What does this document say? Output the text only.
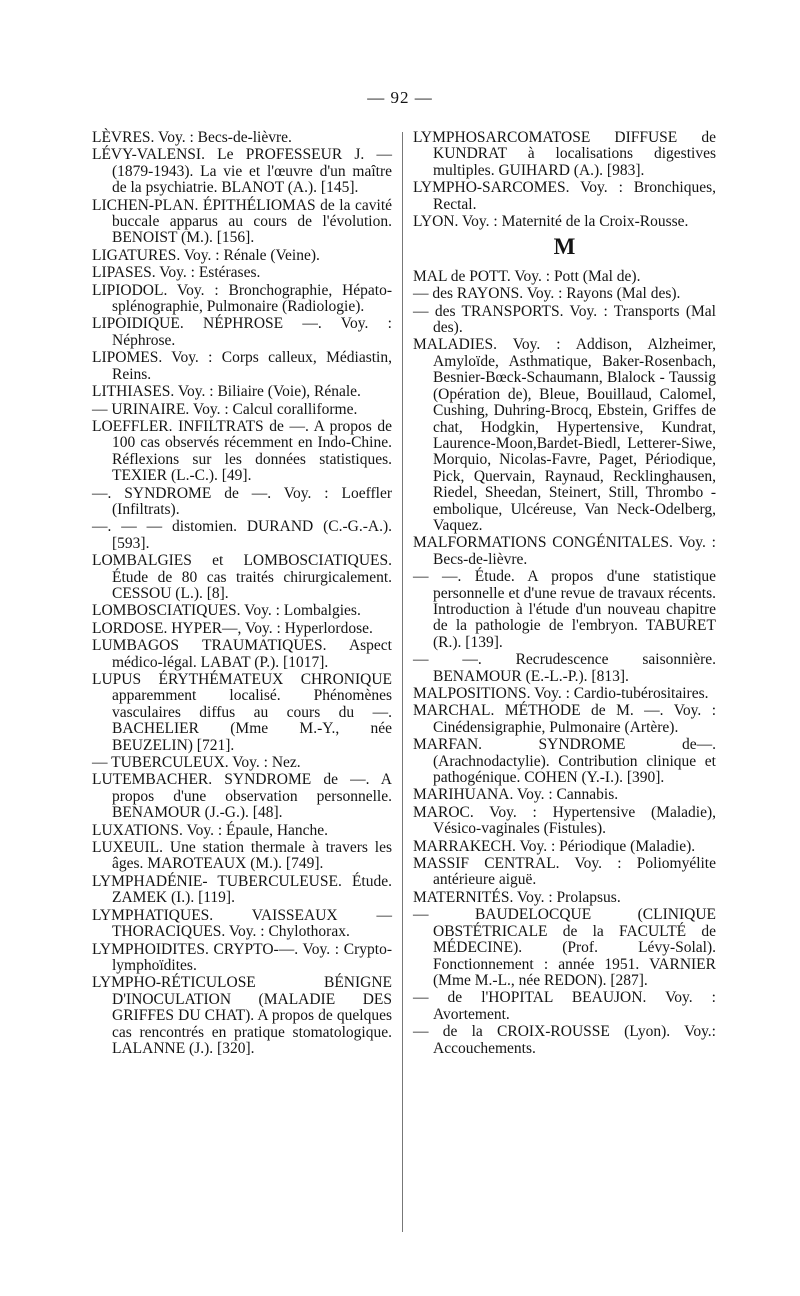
— 92 —
LÈVRES. Voy. : Becs-de-lièvre.
LÉVY-VALENSI. Le PROFESSEUR J. — (1879-1943). La vie et l'œuvre d'un maître de la psychiatrie. BLANOT (A.). [145].
LICHEN-PLAN. ÉPITHÉLIOMAS de la cavité buccale apparus au cours de l'évolution. BENOIST (M.). [156].
LIGATURES. Voy. : Rénale (Veine).
LIPASES. Voy. : Estérases.
LIPIODOL. Voy. : Bronchographie, Hépato-splénographie, Pulmonaire (Radiologie).
LIPOIDIQUE. NÉPHROSE —. Voy. : Néphrose.
LIPOMES. Voy. : Corps calleux, Médiastin, Reins.
LITHIASES. Voy. : Biliaire (Voie), Rénale.
— URINAIRE. Voy. : Calcul coralliforme.
LOEFFLER. INFILTRATS de —. A propos de 100 cas observés récemment en Indo-Chine. Réflexions sur les données statistiques. TEXIER (L.-C.). [49].
—. SYNDROME de —. Voy. : Loeffler (Infiltrats).
—. — — distomien. DURAND (C.-G.-A.). [593].
LOMBALGIES et LOMBOSCIATIQUES. Étude de 80 cas traités chirurgicalement. CESSOU (L.). [8].
LOMBOSCIATIQUES. Voy. : Lombalgies.
LORDOSE. HYPER—, Voy. : Hyperlordose.
LUMBAGOS TRAUMATIQUES. Aspect médico-légal. LABAT (P.). [1017].
LUPUS ÉRYTHÉMATEUX CHRONIQUE apparemment localisé. Phénomènes vasculaires diffus au cours du —. BACHELIER (Mme M.-Y., née BEUZELIN) [721].
— TUBERCULEUX. Voy. : Nez.
LUTEMBACHER. SYNDROME de —. A propos d'une observation personnelle. BENAMOUR (J.-G.). [48].
LUXATIONS. Voy. : Épaule, Hanche.
LUXEUIL. Une station thermale à travers les âges. MAROTEAUX (M.). [749].
LYMPHADÉNIE- TUBERCULEUSE. Étude. ZAMEK (I.). [119].
LYMPHATIQUES. VAISSEAUX — THORACIQUES. Voy. : Chylothorax.
LYMPHOIDITES. CRYPTO-—. Voy. : Crypto-lymphoïdites.
LYMPHO-RÉTICULOSE BÉNIGNE D'INOCULATION (MALADIE DES GRIFFES DU CHAT). A propos de quelques cas rencontrés en pratique stomatologique. LALANNE (J.). [320].
LYMPHOSARCOMATOSE DIFFUSE de KUNDRAT à localisations digestives multiples. GUIHARD (A.). [983].
LYMPHO-SARCOMES. Voy. : Bronchiques, Rectal.
LYON. Voy. : Maternité de la Croix-Rousse.
M
MAL de POTT. Voy. : Pott (Mal de).
— des RAYONS. Voy. : Rayons (Mal des).
— des TRANSPORTS. Voy. : Transports (Mal des).
MALADIES. Voy. : Addison, Alzheimer, Amyloïde, Asthmatique, Baker-Rosenbach, Besnier-Bœck-Schaumann, Blalock - Taussig (Opération de), Bleue, Bouillaud, Calomel, Cushing, Duhring-Brocq, Ebstein, Griffes de chat, Hodgkin, Hypertensive, Kundrat, Laurence-Moon,Bardet-Biedl, Letterer-Siwe, Morquio, Nicolas-Favre, Paget, Périodique, Pick, Quervain, Raynaud, Recklinghausen, Riedel, Sheedan, Steinert, Still, Thrombo - embolique, Ulcéreuse, Van Neck-Odelberg, Vaquez.
MALFORMATIONS CONGÉNITALES. Voy. : Becs-de-lièvre.
— —. Étude. A propos d'une statistique personnelle et d'une revue de travaux récents. Introduction à l'étude d'un nouveau chapitre de la pathologie de l'embryon. TABURET (R.). [139].
— —. Recrudescence saisonnière. BENAMOUR (E.-L.-P.). [813].
MALPOSITIONS. Voy. : Cardio-tubérositaires.
MARCHAL. MÉTHODE de M. —. Voy. : Cinédensigraphie, Pulmonaire (Artère).
MARFAN. SYNDROME de—. (Arachnodactylie). Contribution clinique et pathogénique. COHEN (Y.-I.). [390].
MARIHUANA. Voy. : Cannabis.
MAROC. Voy. : Hypertensive (Maladie), Vésico-vaginales (Fistules).
MARRAKECH. Voy. : Périodique (Maladie).
MASSIF CENTRAL. Voy. : Poliomyélite antérieure aiguë.
MATERNITÉS. Voy. : Prolapsus.
— BAUDELOCQUE (CLINIQUE OBSTÉTRICALE de la FACULTÉ de MÉDECINE). (Prof. Lévy-Solal). Fonctionnement : année 1951. VARNIER (Mme M.-L., née REDON). [287].
— de l'HOPITAL BEAUJON. Voy. : Avortement.
— de la CROIX-ROUSSE (Lyon). Voy.: Accouchements.
